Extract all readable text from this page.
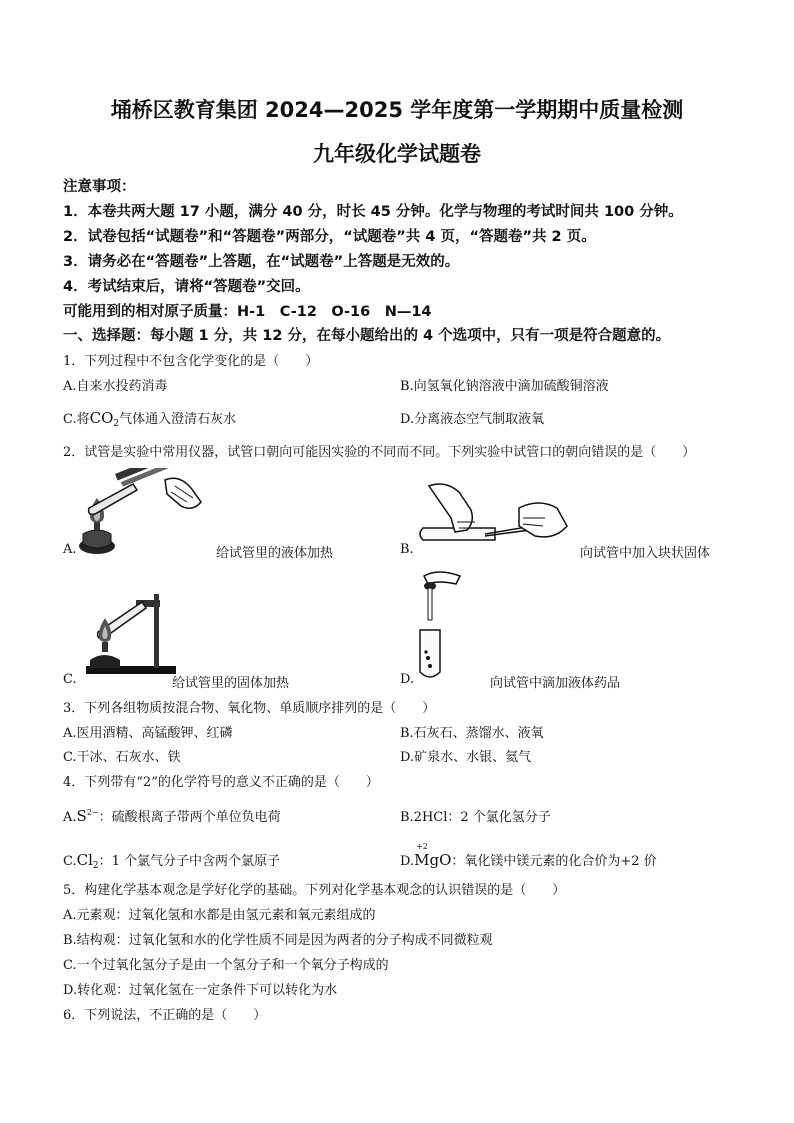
埇桥区教育集团 2024—2025 学年度第一学期期中质量检测
九年级化学试题卷
注意事项：
1．本卷共两大题 17 小题，满分 40 分，时长 45 分钟。化学与物理的考试时间共 100 分钟。
2．试卷包括“试题卷”和“答题卷”两部分，“试题卷”共 4 页，“答题卷”共 2 页。
3．请务必在“答题卷”上答题，在“试题卷”上答题是无效的。
4．考试结束后，请将“答题卷”交回。
可能用到的相对原子质量：H-1　C-12　O-16　N—14
一、选择题：每小题 1 分，共 12 分，在每小题给出的 4 个选项中，只有一项是符合题意的。
1．下列过程中不包含化学变化的是（　　）
A.自来水投药消毒	B.向氢氧化钠溶液中滴加硫酸铜溶液
C.将$CO_2$气体通入澄清石灰水	D.分离液态空气制取液氧
2．试管是实验中常用仪器，试管口朝向可能因实验的不同而不同。下列实验中试管口的朝向错误的是（　　）
A.	给试管里的液体加热	B.	向试管中加入块状固体
C.	给试管里的固体加热	D.	向试管中滴加液体药品
3．下列各组物质按混合物、氧化物、单质顺序排列的是（　　）
A.医用酒精、高锰酸钾、红磷	B.石灰石、蒸馏水、液氧
C.干冰、石灰水、铁	D.矿泉水、水银、氦气
4．下列带有“2”的化学符号的意义不正确的是（　　）
$A.S^{2-}$：硫酸根离子带两个单位负电荷	B.2HCl：2 个氯化氢分子
$C.Cl_2$：1 个氯气分子中含两个氯原子	D.
+2
MgO：氧化镁中镁元素的化合价为+2 价
5．构建化学基本观念是学好化学的基础。下列对化学基本观念的认识错误的是（　　）
A.元素观：过氧化氢和水都是由氢元素和氧元素组成的
B.结构观：过氧化氢和水的化学性质不同是因为两者的分子构成不同微粒观
C.一个过氧化氢分子是由一个氢分子和一个氧分子构成的
D.转化观：过氧化氢在一定条件下可以转化为水
6．下列说法，不正确的是（　　）
